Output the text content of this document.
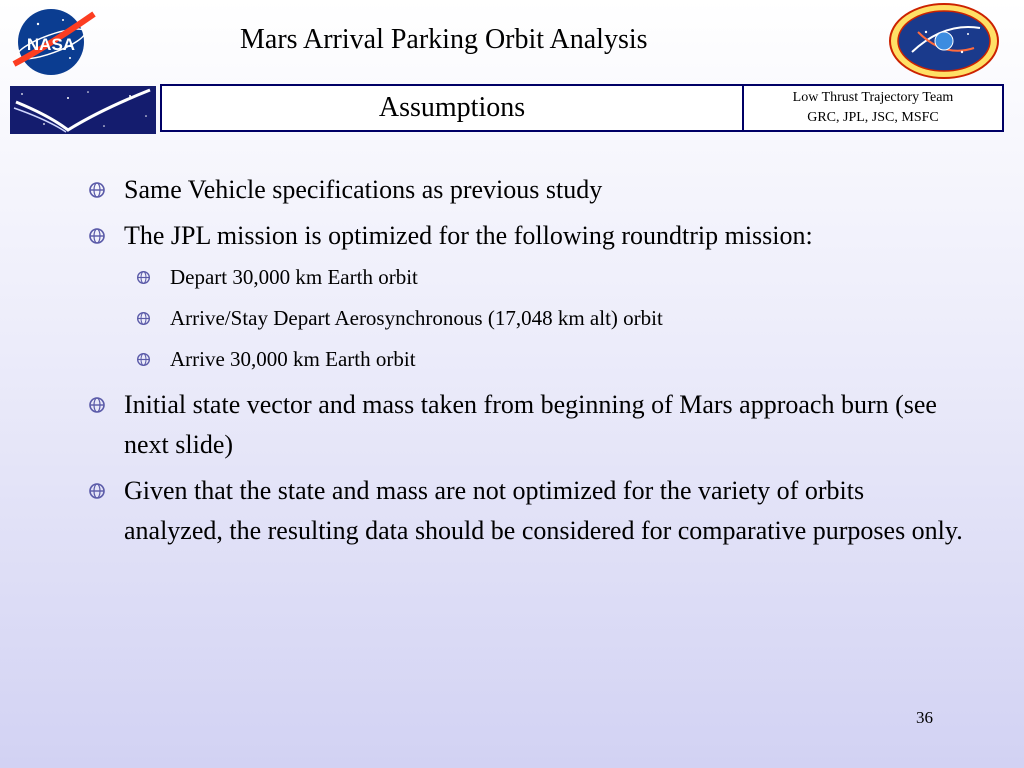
NASA	Mars Arrival Parking Orbit Analysis
Assumptions	Low Thrust Trajectory Team
GRC, JPL, JSC, MSFC
Same Vehicle specifications as previous study
The JPL mission is optimized for the following roundtrip mission:
Depart 30,000 km Earth orbit
Arrive/Stay Depart Aerosynchronous (17,048 km alt) orbit
Arrive 30,000 km Earth orbit
Initial state vector and mass taken from beginning of Mars approach burn (see next slide)
Given that the state and mass are not optimized for the variety of orbits analyzed, the resulting data should be considered for comparative purposes only.
36
